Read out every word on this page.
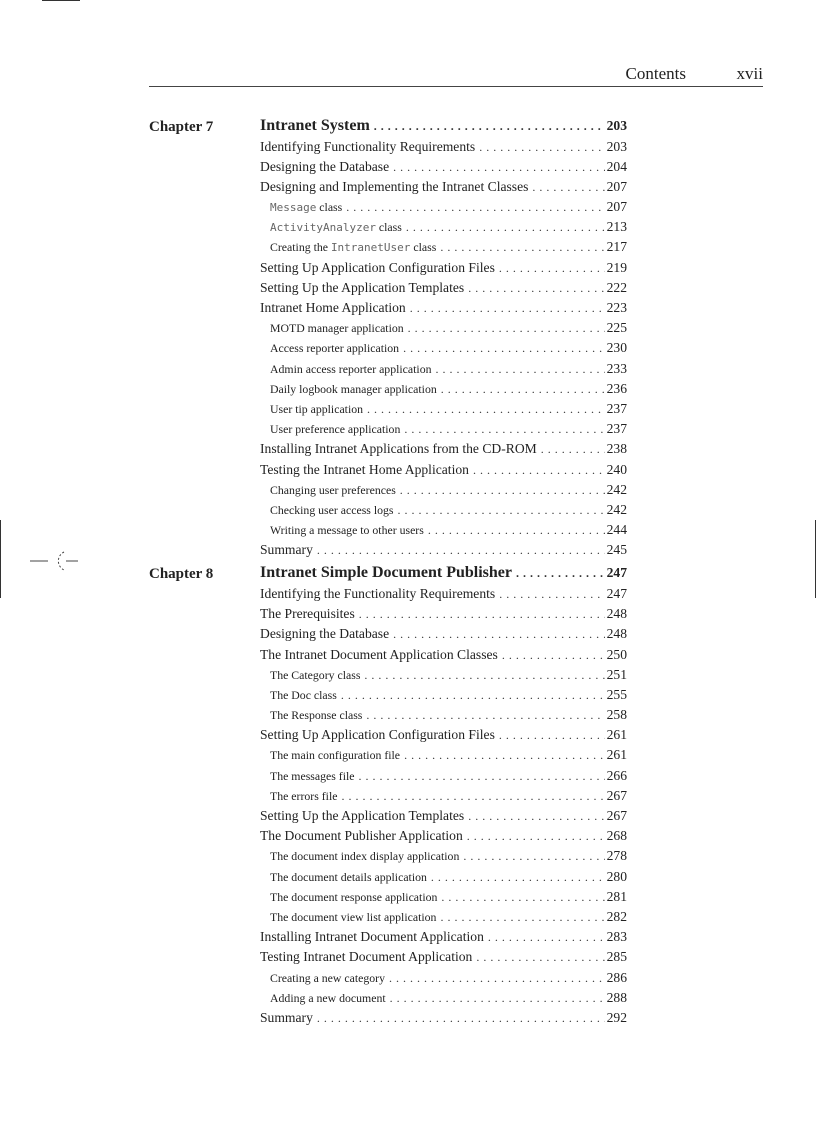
Contents	xvii
Chapter 7	Intranet System . . .	203
Identifying Functionality Requirements . . .	203
Designing the Database . . .	204
Designing and Implementing the Intranet Classes . . .	207
Message class . . .	207
ActivityAnalyzer class . . .	213
Creating the IntranetUser class . . .	217
Setting Up Application Configuration Files . . .	219
Setting Up the Application Templates . . .	222
Intranet Home Application . . .	223
MOTD manager application . . .	225
Access reporter application . . .	230
Admin access reporter application . . .	233
Daily logbook manager application . . .	236
User tip application . . .	237
User preference application . . .	237
Installing Intranet Applications from the CD-ROM . . .	238
Testing the Intranet Home Application . . .	240
Changing user preferences . . .	242
Checking user access logs . . .	242
Writing a message to other users . . .	244
Summary . . .	245
Chapter 8	Intranet Simple Document Publisher . . .	247
Identifying the Functionality Requirements . . .	247
The Prerequisites . . .	248
Designing the Database . . .	248
The Intranet Document Application Classes . . .	250
The Category class . . .	251
The Doc class . . .	255
The Response class . . .	258
Setting Up Application Configuration Files . . .	261
The main configuration file . . .	261
The messages file . . .	266
The errors file . . .	267
Setting Up the Application Templates . . .	267
The Document Publisher Application . . .	268
The document index display application . . .	278
The document details application . . .	280
The document response application . . .	281
The document view list application . . .	282
Installing Intranet Document Application . . .	283
Testing Intranet Document Application . . .	285
Creating a new category . . .	286
Adding a new document . . .	288
Summary . . .	292
